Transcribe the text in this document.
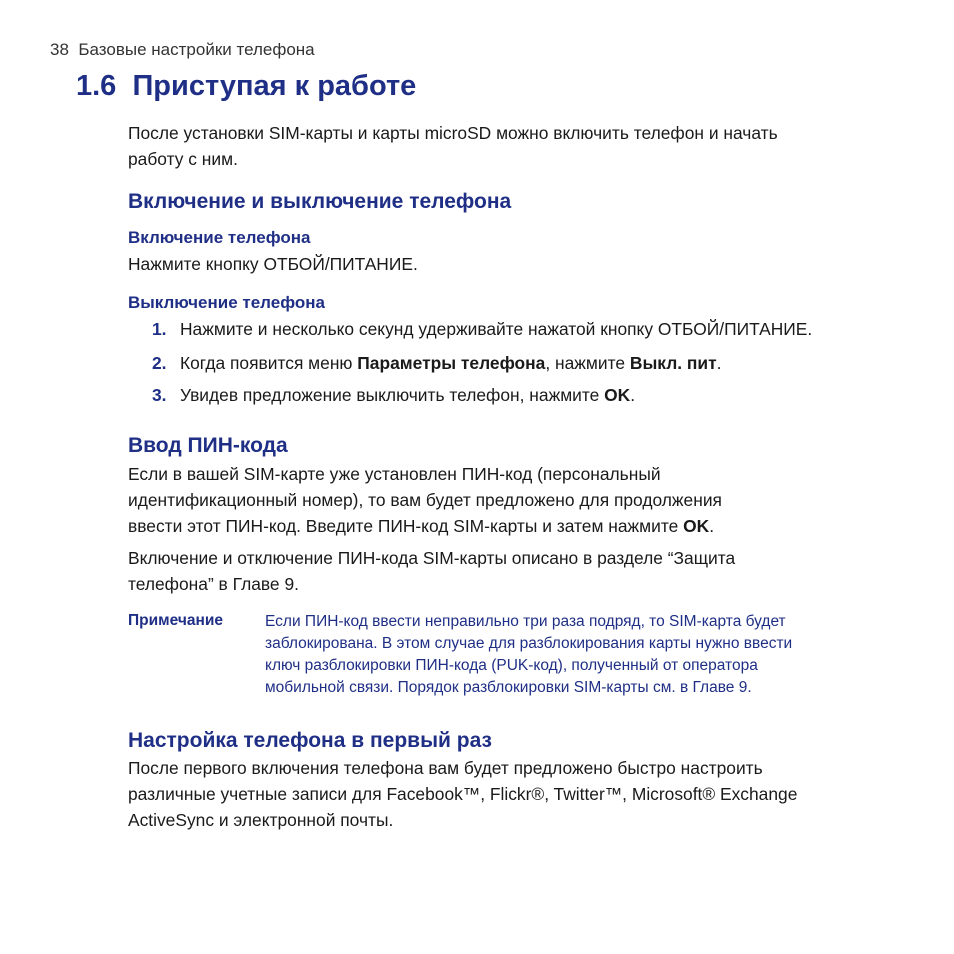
38 Базовые настройки телефона
1.6 Приступая к работе

После установки SIM-карты и карты microSD можно включить телефон и начать

работу с ним.

Включение и выключение телефона
Включение телефона
Нажмите кнопку ОТБОЙ/ПИТАНИЕ.
Выключение телефона
1. Нажмите и несколько секунд удерживайте нажатой кнопку ОТБОЙ/ПИТАНИЕ.
2. Когда появится меню Параметры телефона, нажмите Выкл. пит.
3. Увидев предложение выключить телефон, нажмите OK.
Ввод ПИН-кода

Если в вашей SIM-карте уже установлен ПИН-код (персональный

идентификационный номер), то вам будет предложено для продолжения

ввести этот ПИН-код. Введите ПИН-код SIM-карты и затем нажмите OK.

Включение и отключение ПИН-кода SIM-карты описано в разделе “Защита

телефона” в Главе 9.

Примечание	Если ПИН-код ввести неправильно три раза подряд, то SIM-карта будет

заблокирована. В этом случае для разблокирования карты нужно ввести

ключ разблокировки ПИН-кода (PUK-код), полученный от оператора

мобильной связи. Порядок разблокировки SIM-карты см. в Главе 9.

Настройка телефона в первый раз

После первого включения телефона вам будет предложено быстро настроить

различные учетные записи для Facebook™, Flickr®, Twitter™, Microsoft® Exchange

ActiveSync и электронной почты.
